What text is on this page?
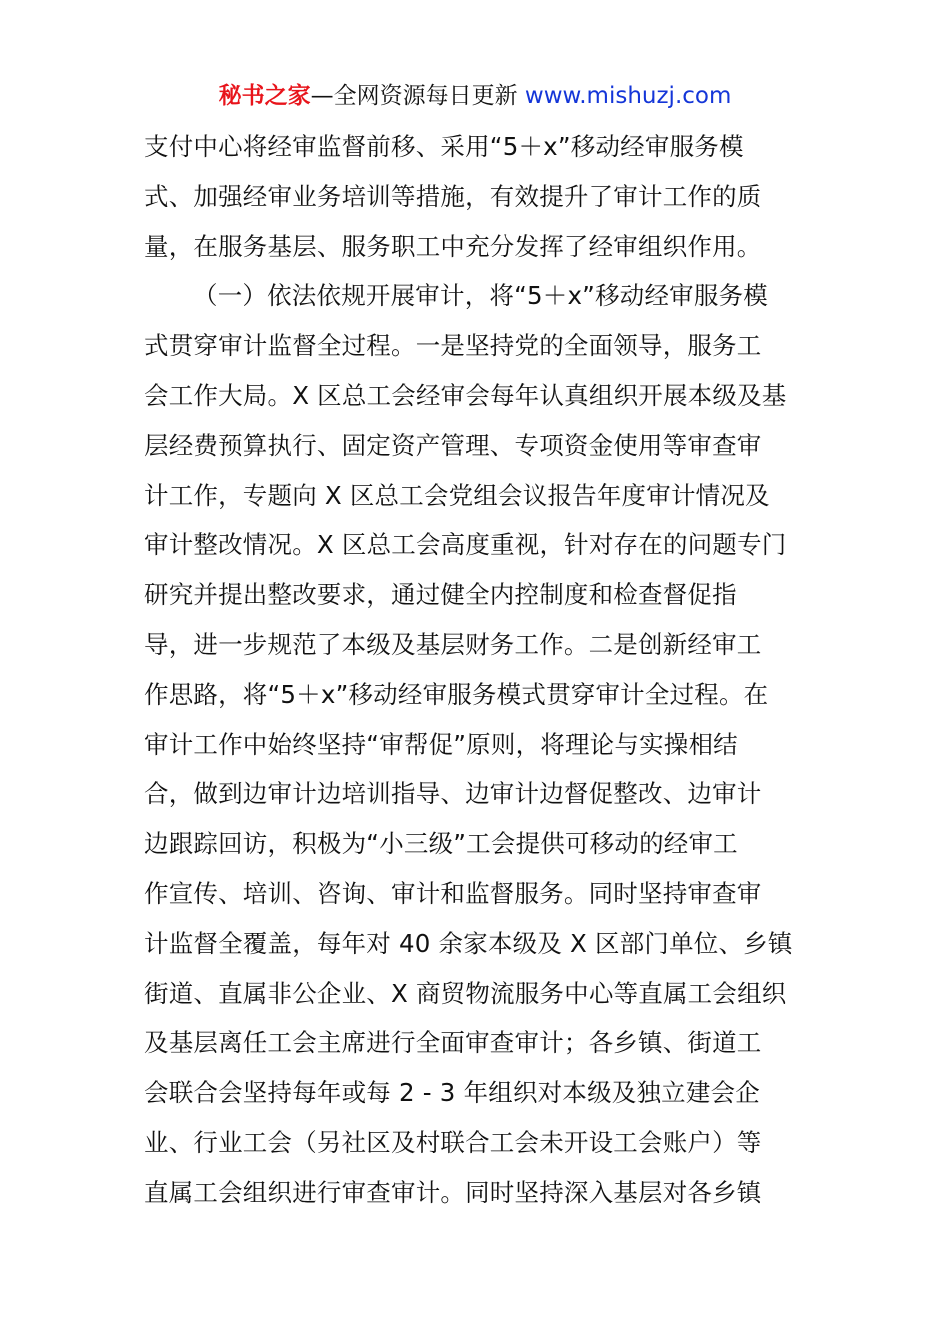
秘书之家—全网资源每日更新 www.mishuzj.com
支付中心将经审监督前移、采用“5＋x”移动经审服务模
式、加强经审业务培训等措施，有效提升了审计工作的质
量，在服务基层、服务职工中充分发挥了经审组织作用。
（一）依法依规开展审计，将“5＋x”移动经审服务模
式贯穿审计监督全过程。一是坚持党的全面领导，服务工
会工作大局。X 区总工会经审会每年认真组织开展本级及基
层经费预算执行、固定资产管理、专项资金使用等审查审
计工作，专题向 X 区总工会党组会议报告年度审计情况及
审计整改情况。X 区总工会高度重视，针对存在的问题专门
研究并提出整改要求，通过健全内控制度和检查督促指
导，进一步规范了本级及基层财务工作。二是创新经审工
作思路，将“5＋x”移动经审服务模式贯穿审计全过程。在
审计工作中始终坚持“审帮促”原则，将理论与实操相结
合，做到边审计边培训指导、边审计边督促整改、边审计
边跟踪回访，积极为“小三级”工会提供可移动的经审工
作宣传、培训、咨询、审计和监督服务。同时坚持审查审
计监督全覆盖，每年对 40 余家本级及 X 区部门单位、乡镇
街道、直属非公企业、X 商贸物流服务中心等直属工会组织
及基层离任工会主席进行全面审查审计；各乡镇、街道工
会联合会坚持每年或每 2 - 3 年组织对本级及独立建会企
业、行业工会（另社区及村联合工会未开设工会账户）等
直属工会组织进行审查审计。同时坚持深入基层对各乡镇
